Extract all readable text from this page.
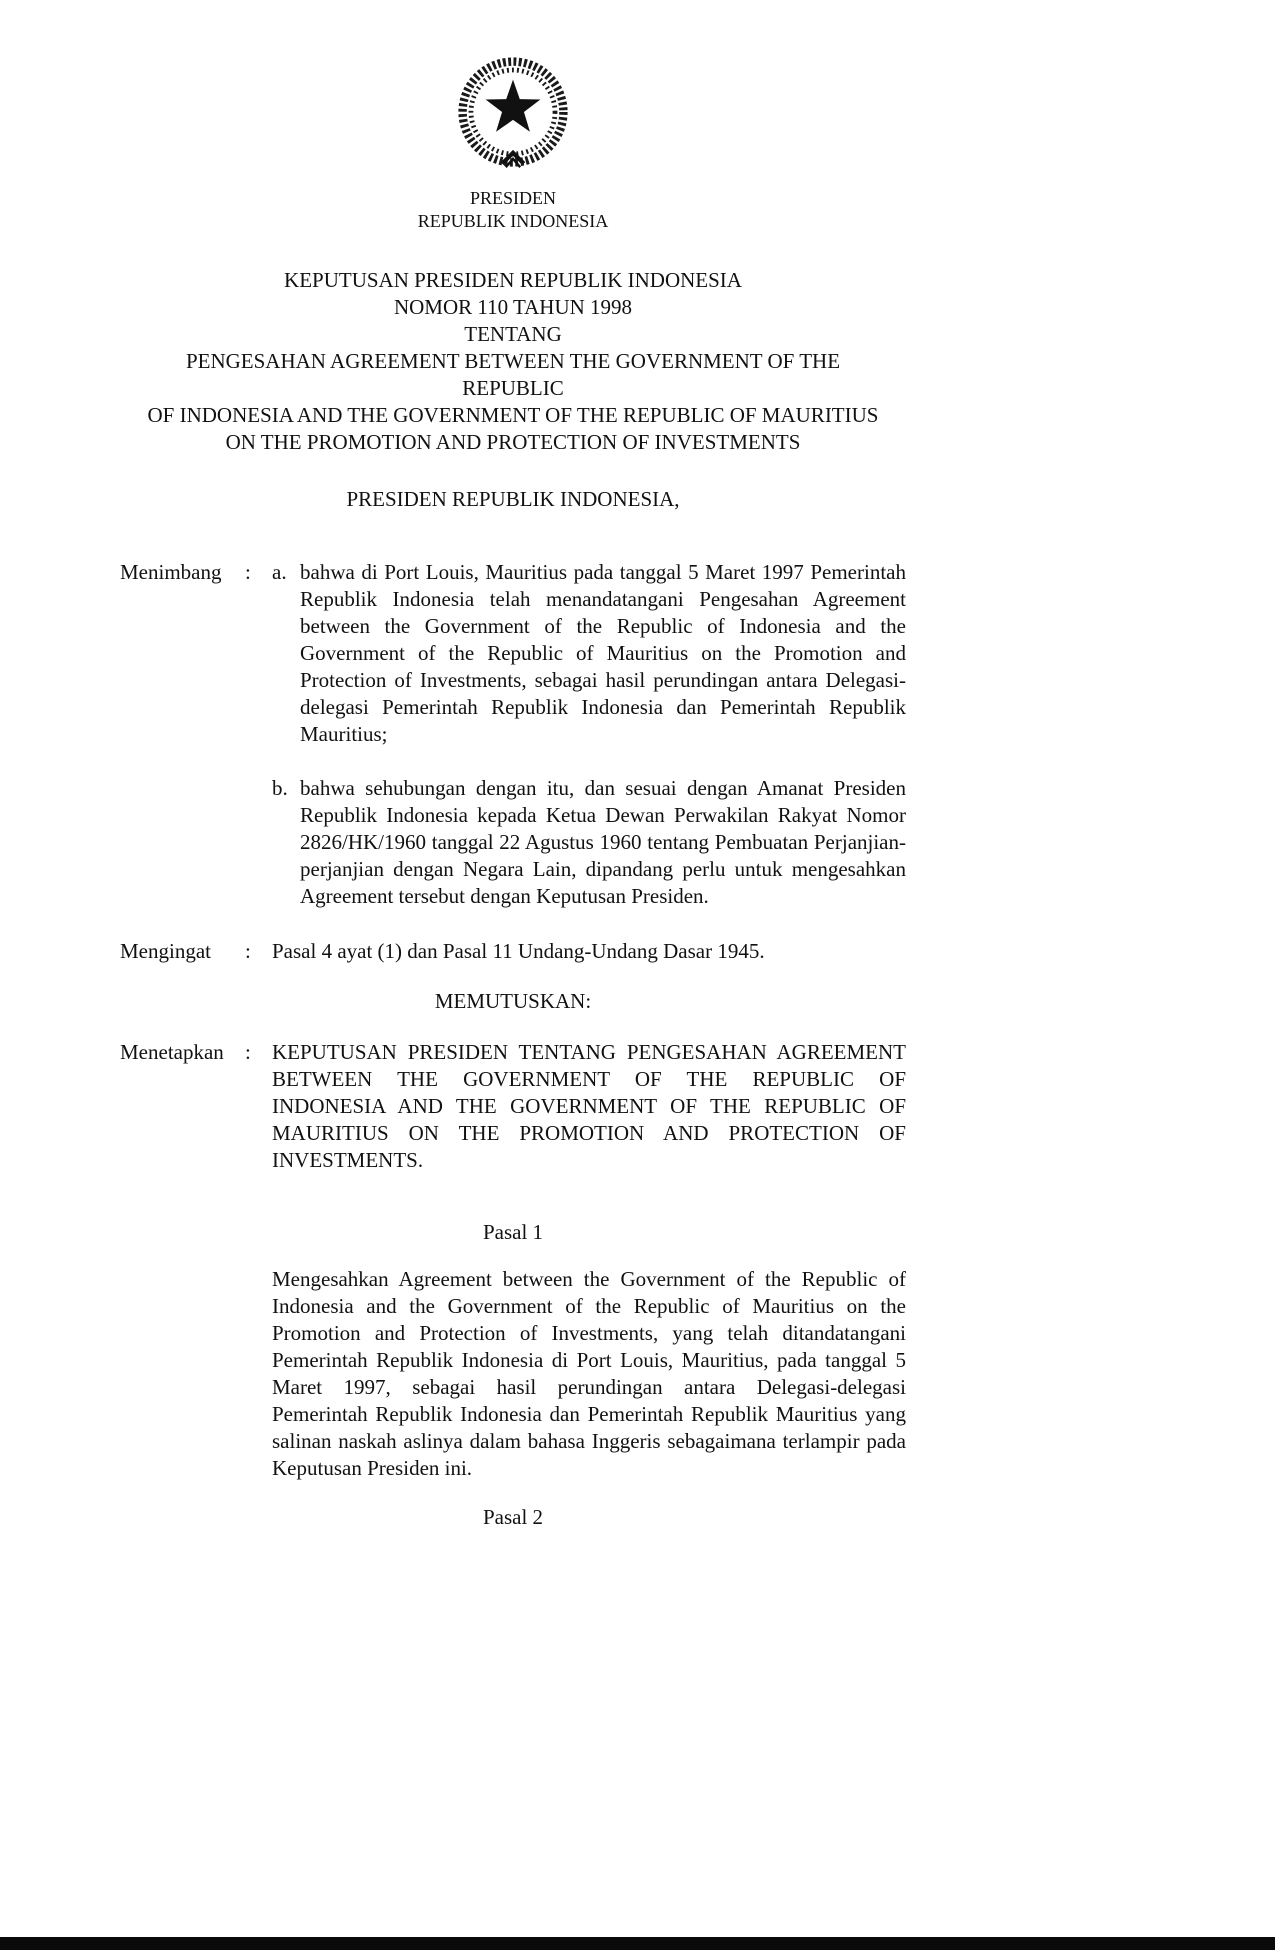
PRESIDEN
REPUBLIK INDONESIA
KEPUTUSAN PRESIDEN REPUBLIK INDONESIA
NOMOR 110 TAHUN 1998
TENTANG
PENGESAHAN AGREEMENT BETWEEN THE GOVERNMENT OF THE
REPUBLIC
OF INDONESIA AND THE GOVERNMENT OF THE REPUBLIC OF MAURITIUS
ON THE PROMOTION AND PROTECTION OF INVESTMENTS
PRESIDEN REPUBLIK INDONESIA,
Menimbang	:	a. bahwa di Port Louis, Mauritius pada tanggal 5 Maret 1997 Pemerintah Republik Indonesia telah menandatangani Pengesahan Agreement between the Government of the Republic of Indonesia and the Government of the Republic of Mauritius on the Promotion and Protection of Investments, sebagai hasil perundingan antara Delegasi-delegasi Pemerintah Republik Indonesia dan Pemerintah Republik Mauritius;

b. bahwa sehubungan dengan itu, dan sesuai dengan Amanat Presiden Republik Indonesia kepada Ketua Dewan Perwakilan Rakyat Nomor 2826/HK/1960 tanggal 22 Agustus 1960 tentang Pembuatan Perjanjian-perjanjian dengan Negara Lain, dipandang perlu untuk mengesahkan Agreement tersebut dengan Keputusan Presiden.

Mengingat	:	Pasal 4 ayat (1) dan Pasal 11 Undang-Undang Dasar 1945.

MEMUTUSKAN:
Menetapkan	:	KEPUTUSAN PRESIDEN TENTANG PENGESAHAN AGREEMENT BETWEEN THE GOVERNMENT OF THE REPUBLIC OF INDONESIA AND THE GOVERNMENT OF THE REPUBLIC OF MAURITIUS ON THE PROMOTION AND PROTECTION OF INVESTMENTS.

Pasal 1

Mengesahkan Agreement between the Government of the Republic of Indonesia and the Government of the Republic of Mauritius on the Promotion and Protection of Investments, yang telah ditandatangani Pemerintah Republik Indonesia di Port Louis, Mauritius, pada tanggal 5 Maret 1997, sebagai hasil perundingan antara Delegasi-delegasi Pemerintah Republik Indonesia dan Pemerintah Republik Mauritius yang salinan naskah aslinya dalam bahasa Inggeris sebagaimana terlampir pada Keputusan Presiden ini.

Pasal 2
